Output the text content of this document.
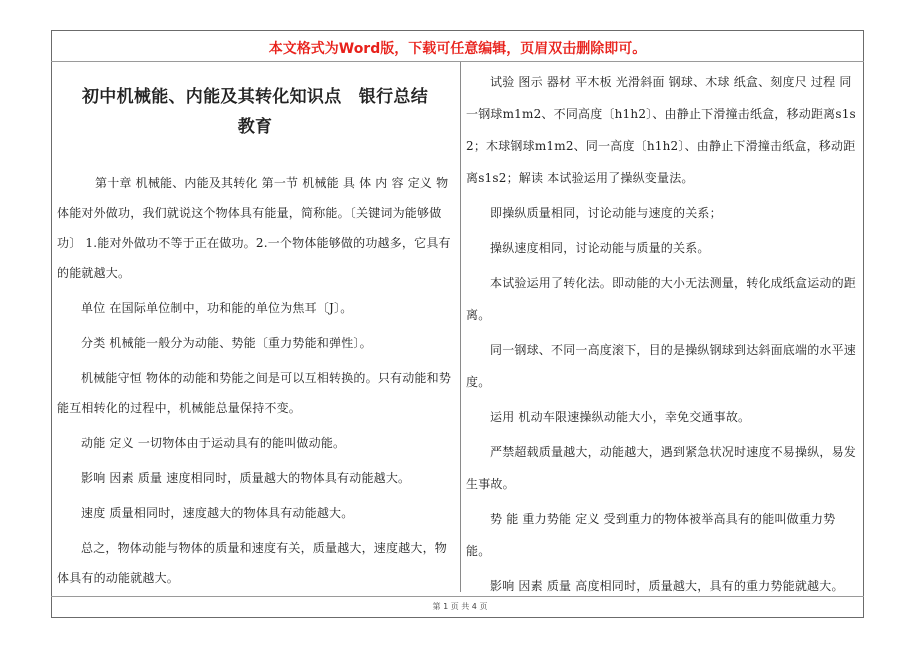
本文格式为Word版，下载可任意编辑，页眉双击删除即可。
初中机械能、内能及其转化知识点　银行总结　　教育

第十章 机械能、内能及其转化 第一节 机械能 具 体 内 容 定义 物体能对外做功，我们就说这个物体具有能量，简称能。〔关键词为能够做功〕 1.能对外做功不等于正在做功。2.一个物体能够做的功越多，它具有的能就越大。

单位 在国际单位制中，功和能的单位为焦耳〔J〕。

分类 机械能一般分为动能、势能〔重力势能和弹性〕。

机械能守恒 物体的动能和势能之间是可以互相转换的。只有动能和势能互相转化的过程中，机械能总量保持不变。

动能 定义 一切物体由于运动具有的能叫做动能。

影响 因素 质量 速度相同时，质量越大的物体具有动能越大。

速度 质量相同时，速度越大的物体具有动能越大。

总之，物体动能与物体的质量和速度有关，质量越大，速度越大，物体具有的动能就越大。

试验 图示 器材 平木板 光滑斜面 钢球、木球 纸盒、刻度尺 过程 同一钢球m1m2、不同高度〔h1h2〕、由静止下滑撞击纸盒，移动距离s1s2；木球钢球m1m2、同一高度〔h1h2〕、由静止下滑撞击纸盒，移动距离s1s2；解读 本试验运用了操纵变量法。

即操纵质量相同，讨论动能与速度的关系；

操纵速度相同，讨论动能与质量的关系。

本试验运用了转化法。即动能的大小无法测量，转化成纸盒运动的距离。

同一钢球、不同一高度滚下，目的是操纵钢球到达斜面底端的水平速度。

运用 机动车限速操纵动能大小，幸免交通事故。

严禁超载质量越大，动能越大，遇到紧急状况时速度不易操纵，易发生事故。

势 能 重力势能 定义 受到重力的物体被举高具有的能叫做重力势能。

影响 因素 质量 高度相同时，质量越大，具有的重力势能就越大。

第 1 页 共 4 页
